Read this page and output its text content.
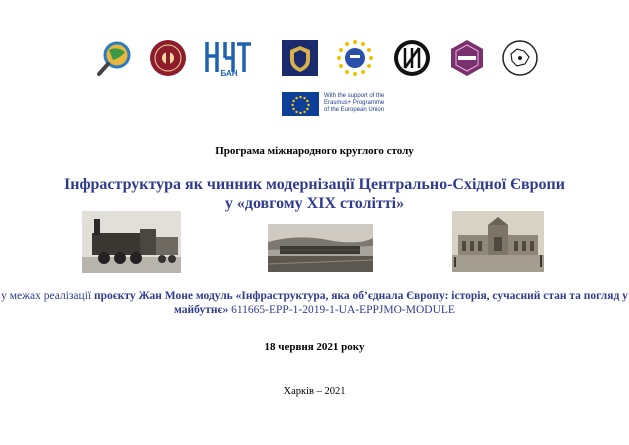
БАН
With the support of the
Erasmus+ Programme
of the European Union
Програма міжнародного круглого столу
Інфраструктура як чинник модернізації Центрально-Східної Європи
у «довгому XIX столітті»
у межах реалізації проєкту Жан Моне модуль «Інфраструктура, яка об’єднала Європу: історія, сучасний стан та погляд у майбутнє» 611665-EPP-1-2019-1-UA-EPPJMO-MODULE
18 червня 2021 року
Харків – 2021
